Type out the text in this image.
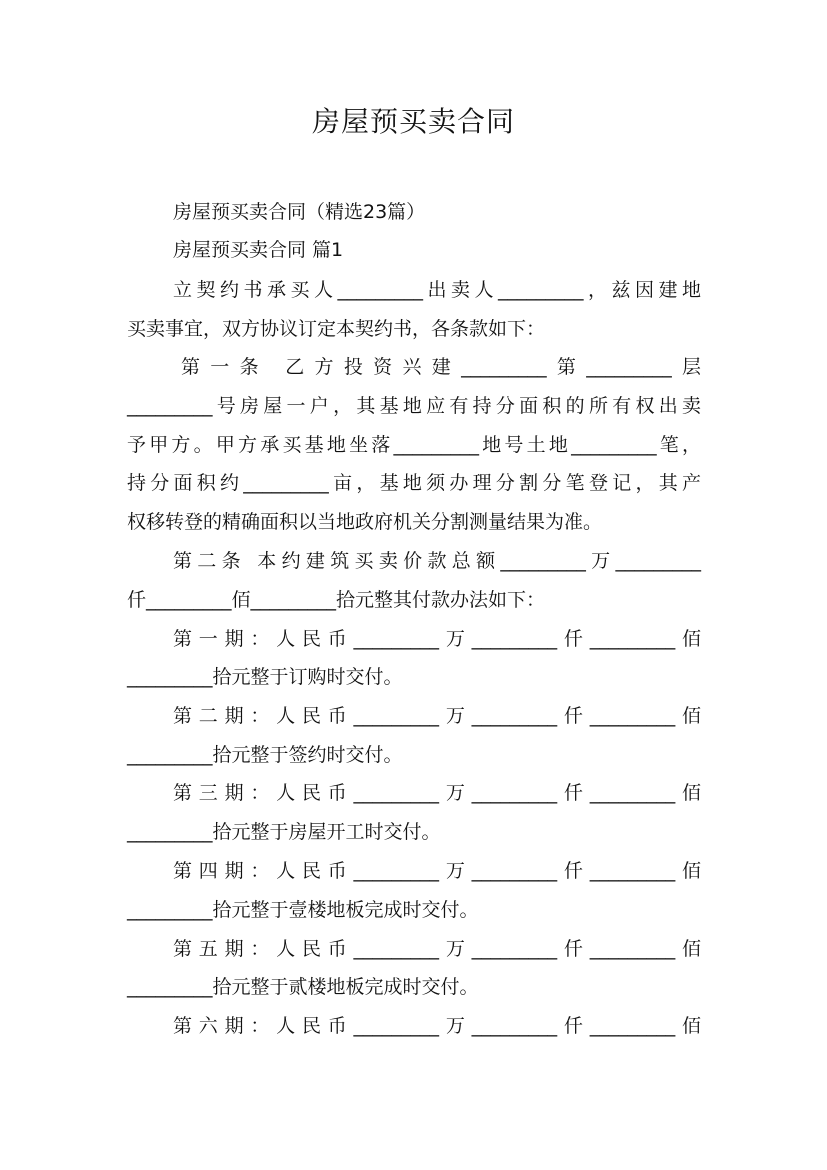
房屋预买卖合同
房屋预买卖合同（精选23篇）
房屋预买卖合同 篇1
立契约书承买人_________出卖人_________，兹因建地
买卖事宜，双方协议订定本契约书，各条款如下：
第一条 乙方投资兴建_________第_________层
_________号房屋一户，其基地应有持分面积的所有权出卖
予甲方。甲方承买基地坐落_________地号土地_________笔，
持分面积约_________亩，基地须办理分割分笔登记，其产
权移转登的精确面积以当地政府机关分割测量结果为准。
第二条 本约建筑买卖价款总额_________万_________
仟_________佰_________拾元整其付款办法如下：
第一期：人民币_________万_________仟_________佰
_________拾元整于订购时交付。
第二期：人民币_________万_________仟_________佰
_________拾元整于签约时交付。
第三期：人民币_________万_________仟_________佰
_________拾元整于房屋开工时交付。
第四期：人民币_________万_________仟_________佰
_________拾元整于壹楼地板完成时交付。
第五期：人民币_________万_________仟_________佰
_________拾元整于贰楼地板完成时交付。
第六期：人民币_________万_________仟_________佰
